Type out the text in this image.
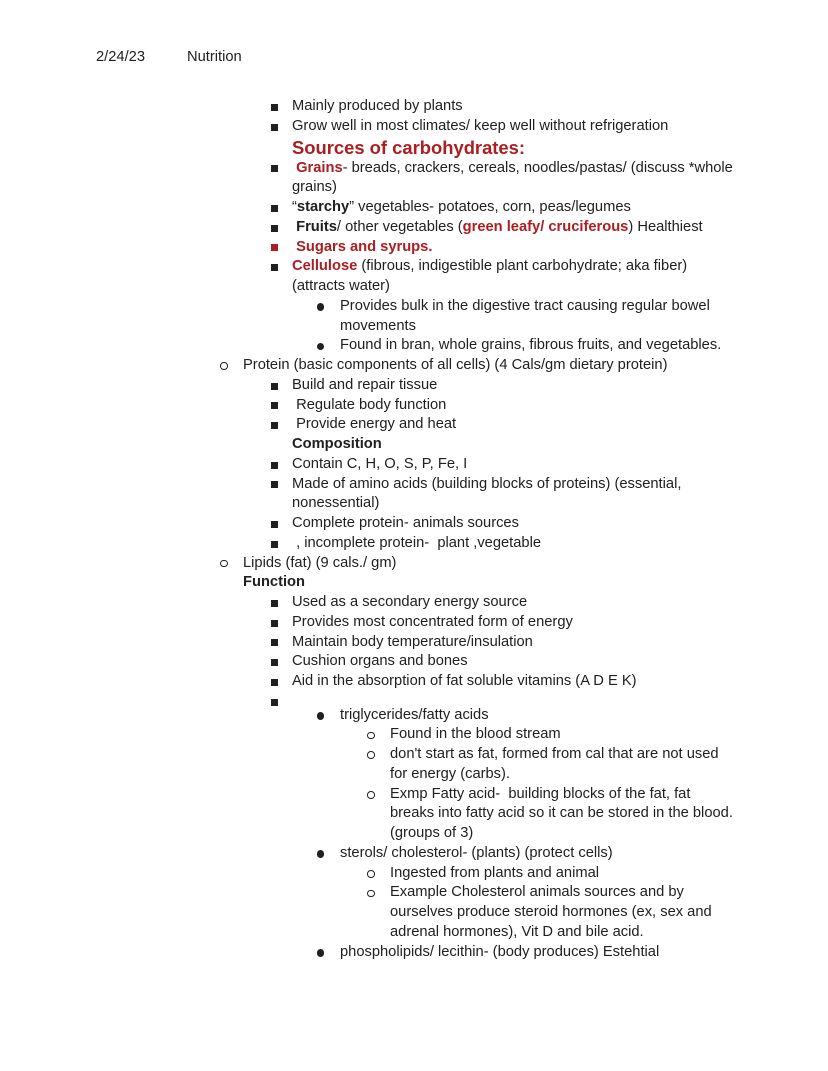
2/24/23	Nutrition
Mainly produced by plants
Grow well in most climates/ keep well without refrigeration
Sources of carbohydrates:
Grains- breads, crackers, cereals, noodles/pastas/ (discuss *whole grains)
“starchy” vegetables- potatoes, corn, peas/legumes
Fruits/ other vegetables (green leafy/ cruciferous) Healthiest
Sugars and syrups.
Cellulose (fibrous, indigestible plant carbohydrate; aka fiber) (attracts water)
Provides bulk in the digestive tract causing regular bowel movements
Found in bran, whole grains, fibrous fruits, and vegetables.
Protein (basic components of all cells) (4 Cals/gm dietary protein)
Build and repair tissue
Regulate body function
Provide energy and heat
Composition
Contain C, H, O, S, P, Fe, I
Made of amino acids (building blocks of proteins) (essential, nonessential)
Complete protein- animals sources
, incomplete protein-  plant ,vegetable
Lipids (fat) (9 cals./ gm)
Function
Used as a secondary energy source
Provides most concentrated form of energy
Maintain body temperature/insulation
Cushion organs and bones
Aid in the absorption of fat soluble vitamins (A D E K)
triglycerides/fatty acids
Found in the blood stream
don't start as fat, formed from cal that are not used for energy (carbs).
Exmp Fatty acid-  building blocks of the fat, fat breaks into fatty acid so it can be stored in the blood. (groups of 3)
sterols/ cholesterol- (plants) (protect cells)
Ingested from plants and animal
Example Cholesterol animals sources and by ourselves produce steroid hormones (ex, sex and adrenal hormones), Vit D and bile acid.
phospholipids/ lecithin- (body produces) Estehtial
